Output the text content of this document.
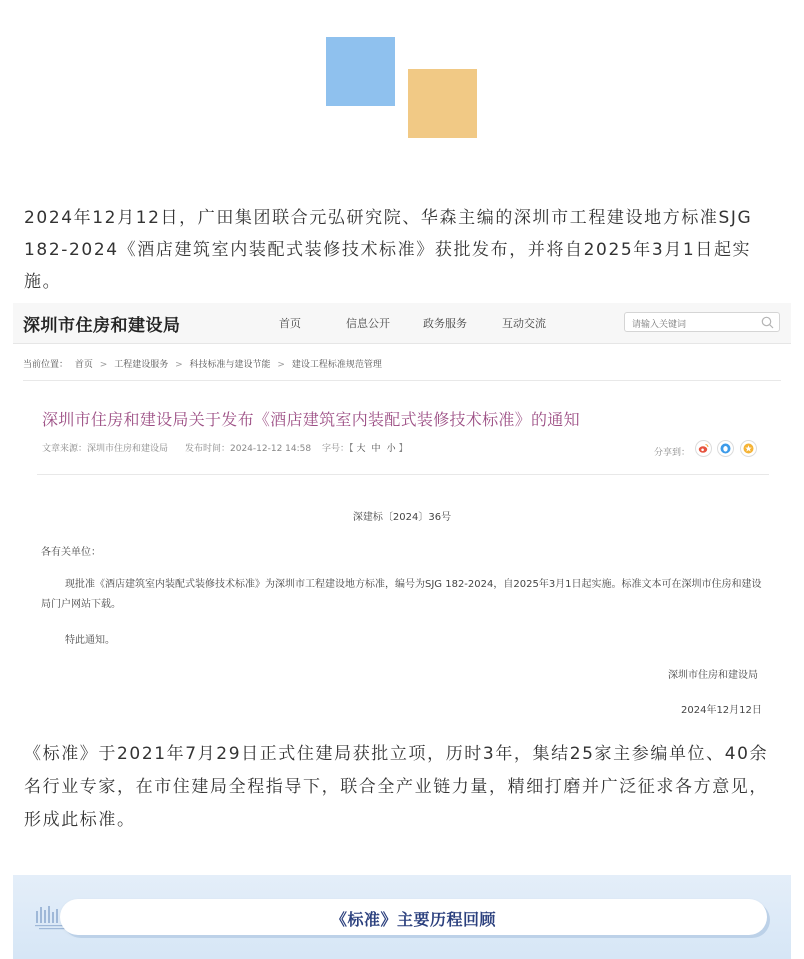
2024年12月12日，广田集团联合元弘研究院、华森主编的深圳市工程建设地方标准SJG 182-2024《酒店建筑室内装配式装修技术标准》获批发布，并将自2025年3月1日起实施。

深圳市住房和建设局	首页	信息公开	政务服务	互动交流	请输入关键词
当前位置： 首页 > 工程建设服务 > 科技标准与建设节能 > 建设工程标准规范管理
深圳市住房和建设局关于发布《酒店建筑室内装配式装修技术标准》的通知
文章来源：深圳市住房和建设局 发布时间：2024-12-12 14:58 字号：【 大 中 小 】	分享到：
深建标〔2024〕36号

各有关单位：

现批准《酒店建筑室内装配式装修技术标准》为深圳市工程建设地方标准，编号为SJG 182-2024，自2025年3月1日起实施。标准文本可在深圳市住房和建设局门户网站下载。

特此通知。

深圳市住房和建设局

2024年12月12日

《标准》于2021年7月29日正式住建局获批立项，历时3年，集结25家主参编单位、40余名行业专家，在市住建局全程指导下，联合全产业链力量，精细打磨并广泛征求各方意见，形成此标准。

《标准》主要历程回顾
